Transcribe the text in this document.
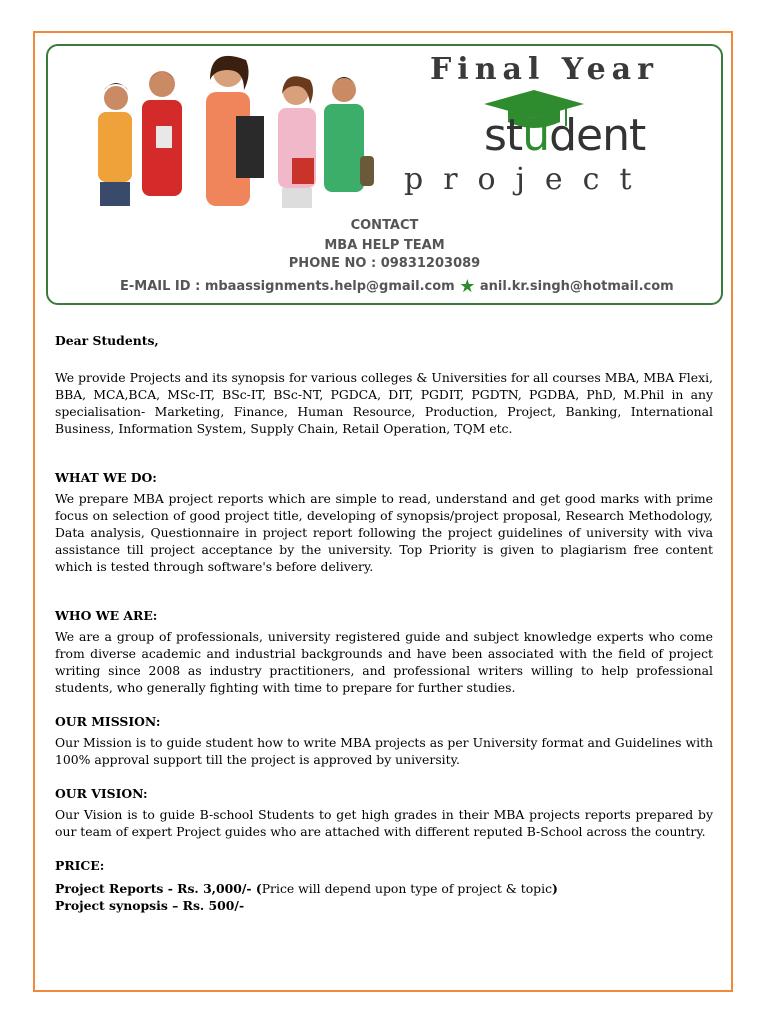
Final Year
student
project
CONTACT
MBA HELP TEAM
PHONE NO : 09831203089
E-MAIL ID : mbaassignments.help@gmail.com ★ anil.kr.singh@hotmail.com

Dear Students,

We provide Projects and its synopsis for various colleges & Universities for all courses MBA, MBA Flexi, BBA, MCA,BCA, MSc-IT, BSc-IT, BSc-NT, PGDCA, DIT, PGDIT, PGDTN, PGDBA, PhD, M.Phil in any specialisation- Marketing, Finance, Human Resource, Production, Project, Banking, International Business, Information System, Supply Chain, Retail Operation, TQM etc.

WHAT WE DO:

We prepare MBA project reports which are simple to read, understand and get good marks with prime focus on selection of good project title, developing of synopsis/project proposal, Research Methodology, Data analysis, Questionnaire in project report following the project guidelines of university with viva assistance till project acceptance by the university. Top Priority is given to plagiarism free content which is tested through software's before delivery.

WHO WE ARE:

We are a group of professionals, university registered guide and subject knowledge experts who come from diverse academic and industrial backgrounds and have been associated with the field of project writing since 2008 as industry practitioners, and professional writers willing to help professional students, who generally fighting with time to prepare for further studies.

OUR MISSION:

Our Mission is to guide student how to write MBA projects as per University format and Guidelines with 100% approval support till the project is approved by university.

OUR VISION:

Our Vision is to guide B-school Students to get high grades in their MBA projects reports prepared by our team of expert Project guides who are attached with different reputed B-School across the country.

PRICE:

Project Reports - Rs. 3,000/- (Price will depend upon type of project & topic)

Project synopsis – Rs. 500/-
